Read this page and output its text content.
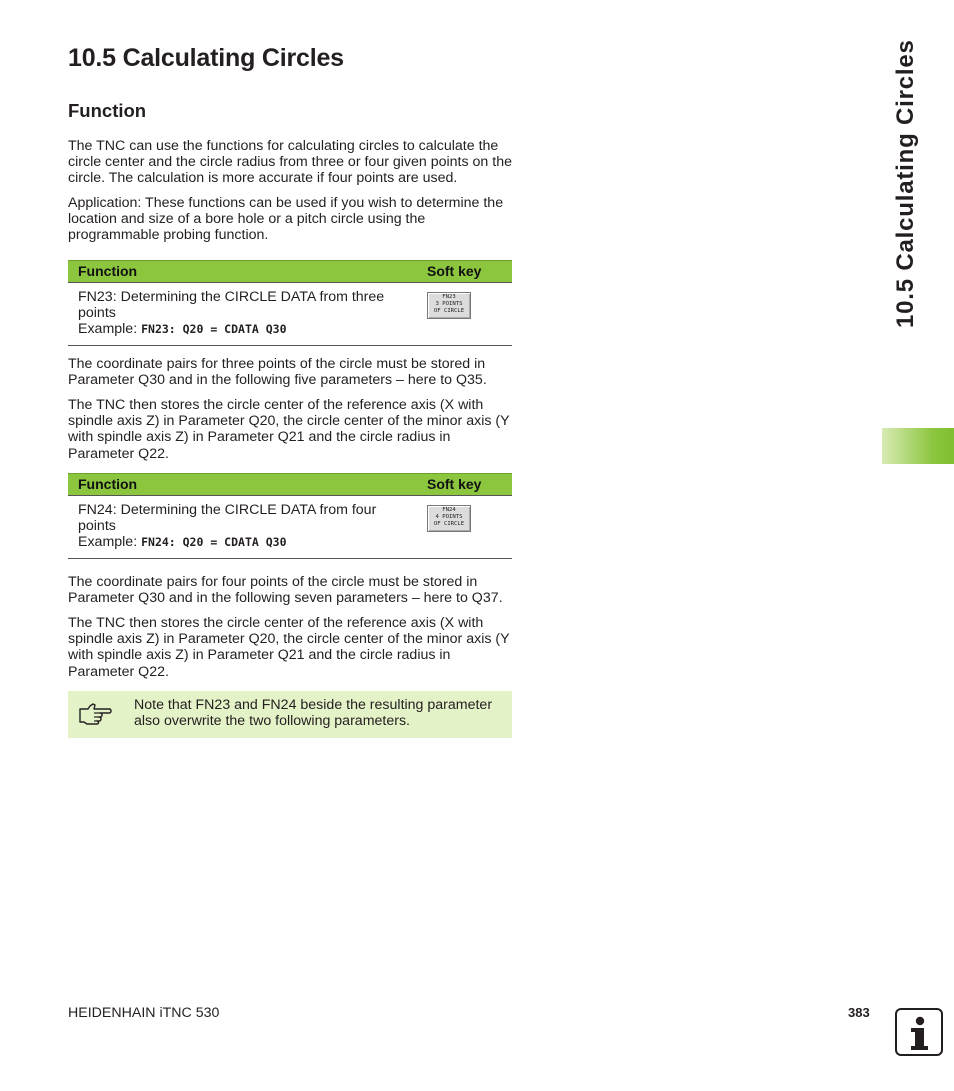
10.5 Calculating Circles
Function

The TNC can use the functions for calculating circles to calculate the circle center and the circle radius from three or four given points on the circle. The calculation is more accurate if four points are used.

Application: These functions can be used if you wish to determine the location and size of a bore hole or a pitch circle using the programmable probing function.

Function	Soft key
FN23: Determining the CIRCLE DATA from three points
Example: FN23: Q20 = CDATA Q30
FN23
3 POINTS
OF CIRCLE

The coordinate pairs for three points of the circle must be stored in Parameter Q30 and in the following five parameters – here to Q35.

The TNC then stores the circle center of the reference axis (X with spindle axis Z) in Parameter Q20, the circle center of the minor axis (Y with spindle axis Z) in Parameter Q21 and the circle radius in Parameter Q22.

Function	Soft key
FN24: Determining the CIRCLE DATA from four points
Example: FN24: Q20 = CDATA Q30
FN24
4 POINTS
OF CIRCLE

The coordinate pairs for four points of the circle must be stored in Parameter Q30 and in the following seven parameters – here to Q37.

The TNC then stores the circle center of the reference axis (X with spindle axis Z) in Parameter Q20, the circle center of the minor axis (Y with spindle axis Z) in Parameter Q21 and the circle radius in Parameter Q22.

Note that FN23 and FN24 beside the resulting parameter also overwrite the two following parameters.
10.5 Calculating Circles
HEIDENHAIN iTNC 530	383
